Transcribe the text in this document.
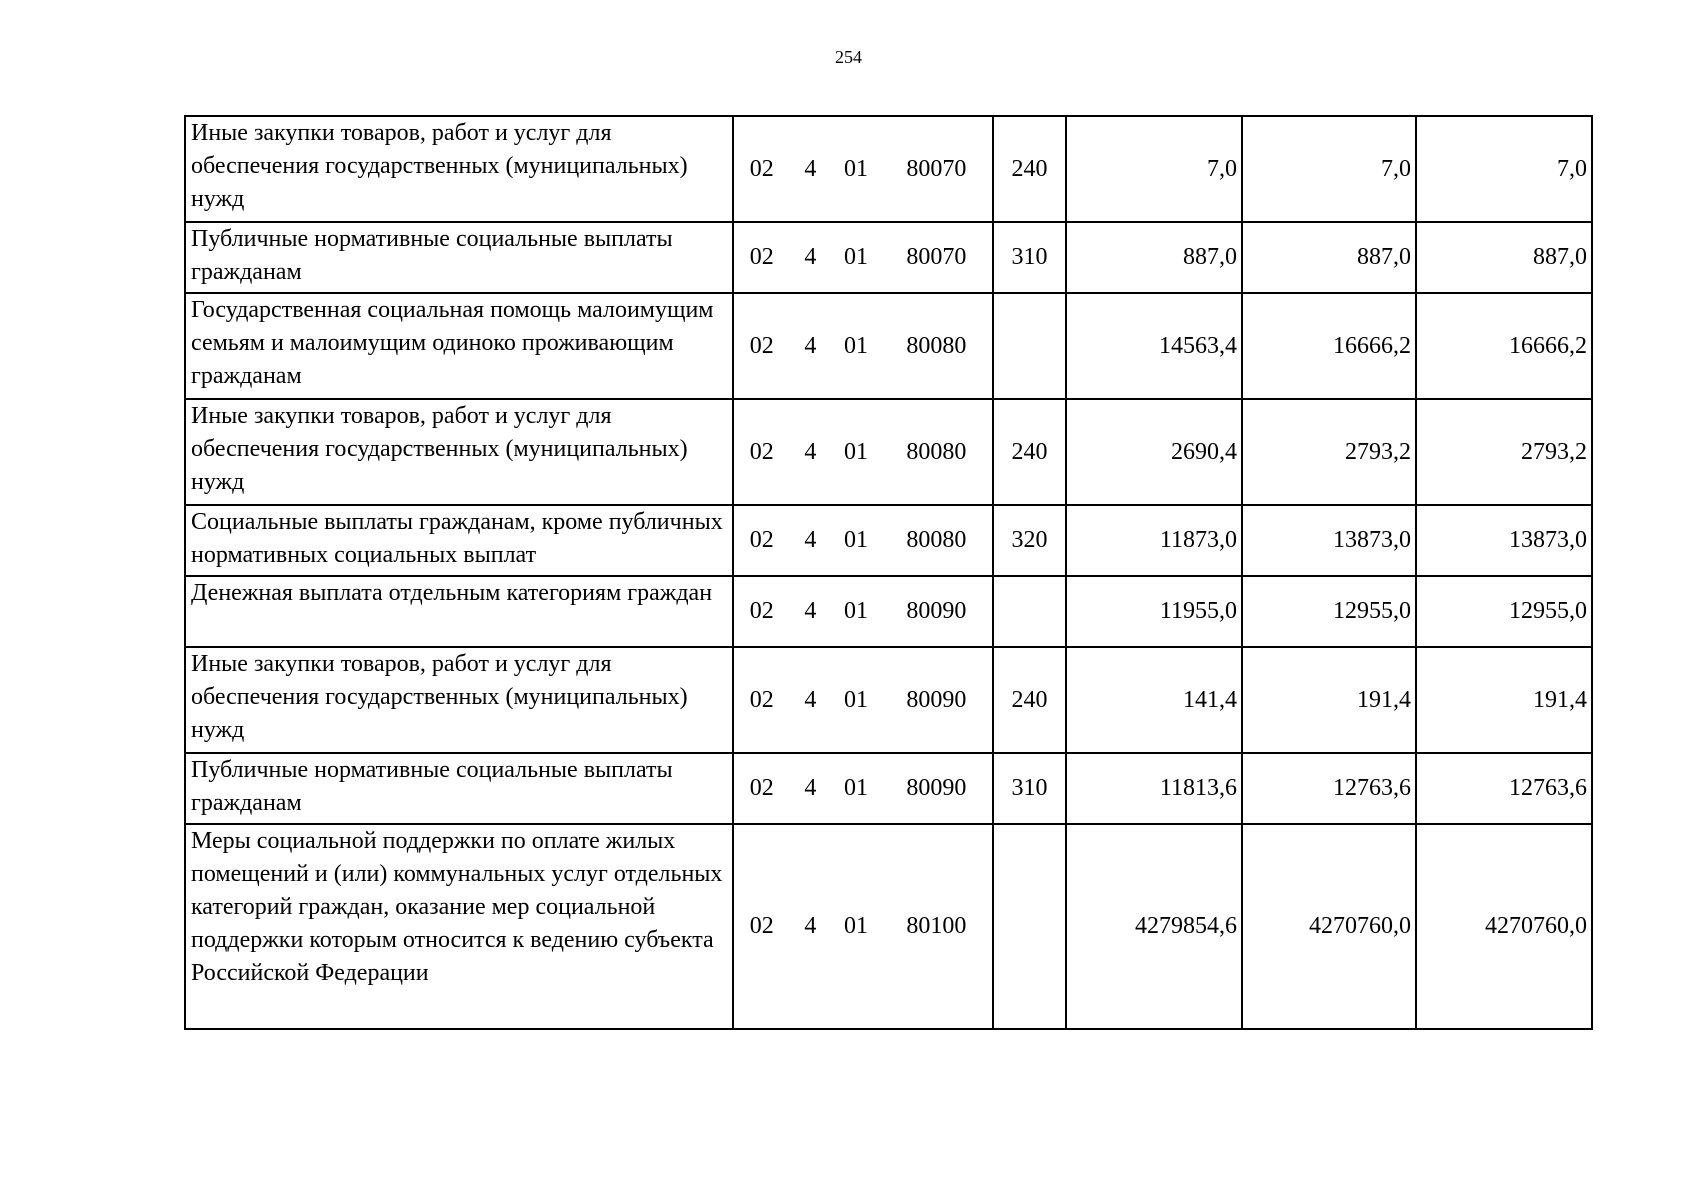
254
Иные закупки товаров, работ и услуг для обеспечения государственных (муниципальных) нужд	02 4 01 80070	240	7,0	7,0	7,0

Публичные нормативные социальные выплаты гражданам	02 4 01 80070	310	887,0	887,0	887,0

Государственная социальная помощь малоимущим семьям и малоимущим одиноко проживающим гражданам	02 4 01 80080		14563,4	16666,2	16666,2

Иные закупки товаров, работ и услуг для обеспечения государственных (муниципальных) нужд	02 4 01 80080	240	2690,4	2793,2	2793,2

Социальные выплаты гражданам, кроме публичных нормативных социальных выплат	02 4 01 80080	320	11873,0	13873,0	13873,0

Денежная выплата отдельным категориям граждан	02 4 01 80090		11955,0	12955,0	12955,0

Иные закупки товаров, работ и услуг для обеспечения государственных (муниципальных) нужд	02 4 01 80090	240	141,4	191,4	191,4

Публичные нормативные социальные выплаты гражданам	02 4 01 80090	310	11813,6	12763,6	12763,6

Меры социальной поддержки по оплате жилых помещений и (или) коммунальных услуг отдельных категорий граждан, оказание мер социальной поддержки которым относится к ведению субъекта Российской Федерации	02 4 01 80100		4279854,6	4270760,0	4270760,0
